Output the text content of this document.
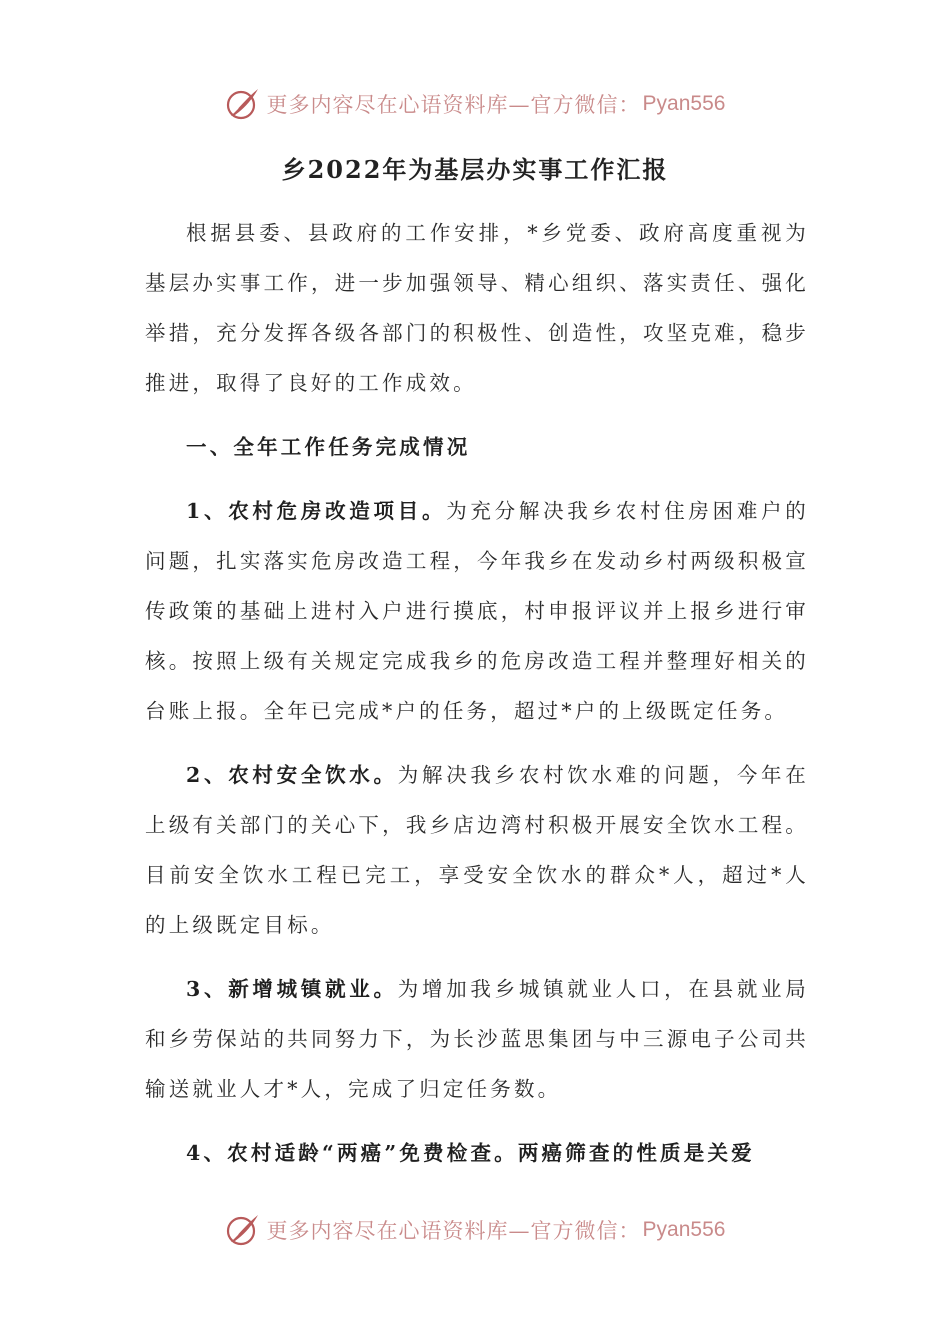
更多内容尽在心语资料库—官方微信： Pyan556
乡2022年为基层办实事工作汇报

根据县委、县政府的工作安排，*乡党委、政府高度重视为基层办实事工作，进一步加强领导、精心组织、落实责任、强化举措，充分发挥各级各部门的积极性、创造性，攻坚克难，稳步推进，取得了良好的工作成效。

一、全年工作任务完成情况

1、农村危房改造项目。为充分解决我乡农村住房困难户的问题，扎实落实危房改造工程，今年我乡在发动乡村两级积极宣传政策的基础上进村入户进行摸底，村申报评议并上报乡进行审核。按照上级有关规定完成我乡的危房改造工程并整理好相关的台账上报。全年已完成*户的任务，超过*户的上级既定任务。

2、农村安全饮水。为解决我乡农村饮水难的问题，今年在上级有关部门的关心下，我乡店边湾村积极开展安全饮水工程。目前安全饮水工程已完工，享受安全饮水的群众*人，超过*人的上级既定目标。

3、新增城镇就业。为增加我乡城镇就业人口，在县就业局和乡劳保站的共同努力下，为长沙蓝思集团与中三源电子公司共输送就业人才*人，完成了归定任务数。

4、农村适龄“两癌”免费检查。两癌筛查的性质是关爱

更多内容尽在心语资料库—官方微信： Pyan556
